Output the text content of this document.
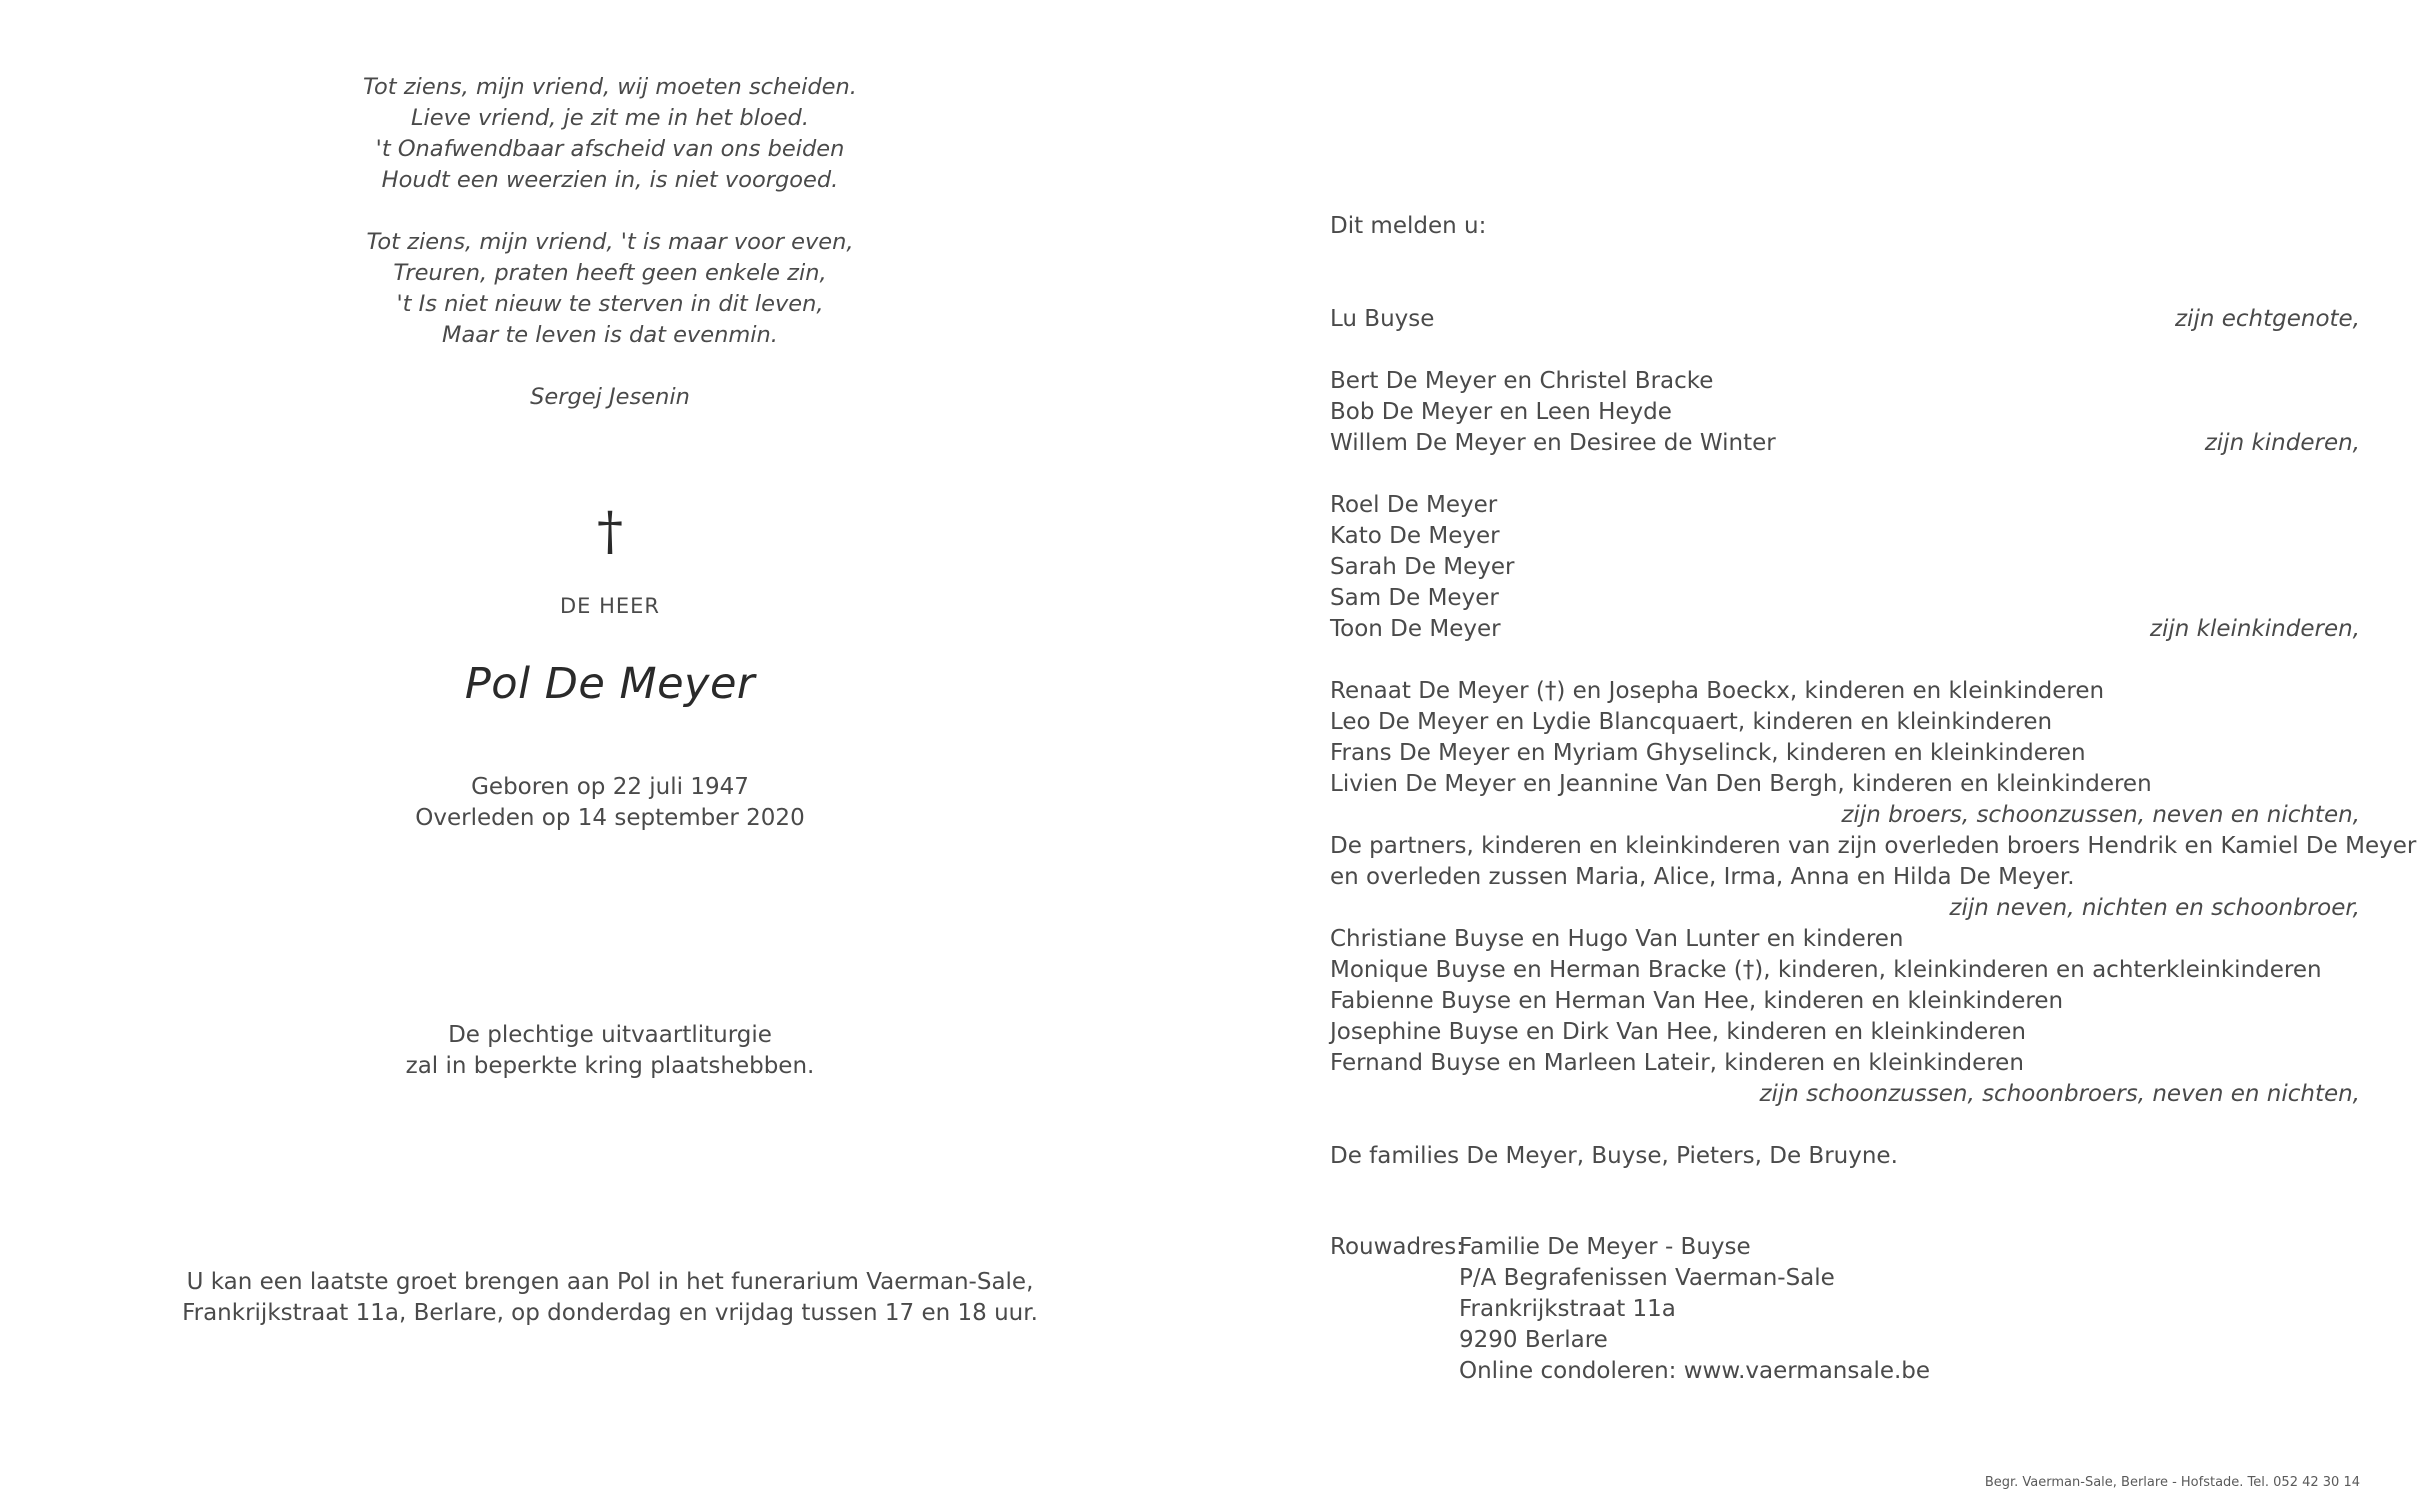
Tot ziens, mijn vriend, wij moeten scheiden.
Lieve vriend, je zit me in het bloed.
't Onafwendbaar afscheid van ons beiden
Houdt een weerzien in, is niet voorgoed.
Tot ziens, mijn vriend, 't is maar voor even,
Treuren, praten heeft geen enkele zin,
't Is niet nieuw te sterven in dit leven,
Maar te leven is dat evenmin.
Sergej Jesenin
†
DE HEER
Pol De Meyer
Geboren op 22 juli 1947
Overleden op 14 september 2020
De plechtige uitvaartliturgie
zal in beperkte kring plaatshebben.
U kan een laatste groet brengen aan Pol in het funerarium Vaerman-Sale,
Frankrijkstraat 11a, Berlare, op donderdag en vrijdag tussen 17 en 18 uur.
Dit melden u:
Lu Buyse	zijn echtgenote,
Bert De Meyer en Christel Bracke
Bob De Meyer en Leen Heyde
Willem De Meyer en Desiree de Winter	zijn kinderen,
Roel De Meyer
Kato De Meyer
Sarah De Meyer
Sam De Meyer
Toon De Meyer	zijn kleinkinderen,
Renaat De Meyer (†) en Josepha Boeckx, kinderen en kleinkinderen
Leo De Meyer en Lydie Blancquaert, kinderen en kleinkinderen
Frans De Meyer en Myriam Ghyselinck, kinderen en kleinkinderen
Livien De Meyer en Jeannine Van Den Bergh, kinderen en kleinkinderen
zijn broers, schoonzussen, neven en nichten,
De partners, kinderen en kleinkinderen van zijn overleden broers Hendrik en Kamiel De Meyer
en overleden zussen Maria, Alice, Irma, Anna en Hilda De Meyer.
zijn neven, nichten en schoonbroer,
Christiane Buyse en Hugo Van Lunter en kinderen
Monique Buyse en Herman Bracke (†), kinderen, kleinkinderen en achterkleinkinderen
Fabienne Buyse en Herman Van Hee, kinderen en kleinkinderen
Josephine Buyse en Dirk Van Hee, kinderen en kleinkinderen
Fernand Buyse en Marleen Lateir, kinderen en kleinkinderen
zijn schoonzussen, schoonbroers, neven en nichten,
De families De Meyer, Buyse, Pieters, De Bruyne.
Rouwadres:
Familie De Meyer - Buyse
P/A Begrafenissen Vaerman-Sale
Frankrijkstraat 11a
9290 Berlare
Online condoleren: www.vaermansale.be
Begr. Vaerman-Sale, Berlare - Hofstade. Tel. 052 42 30 14
